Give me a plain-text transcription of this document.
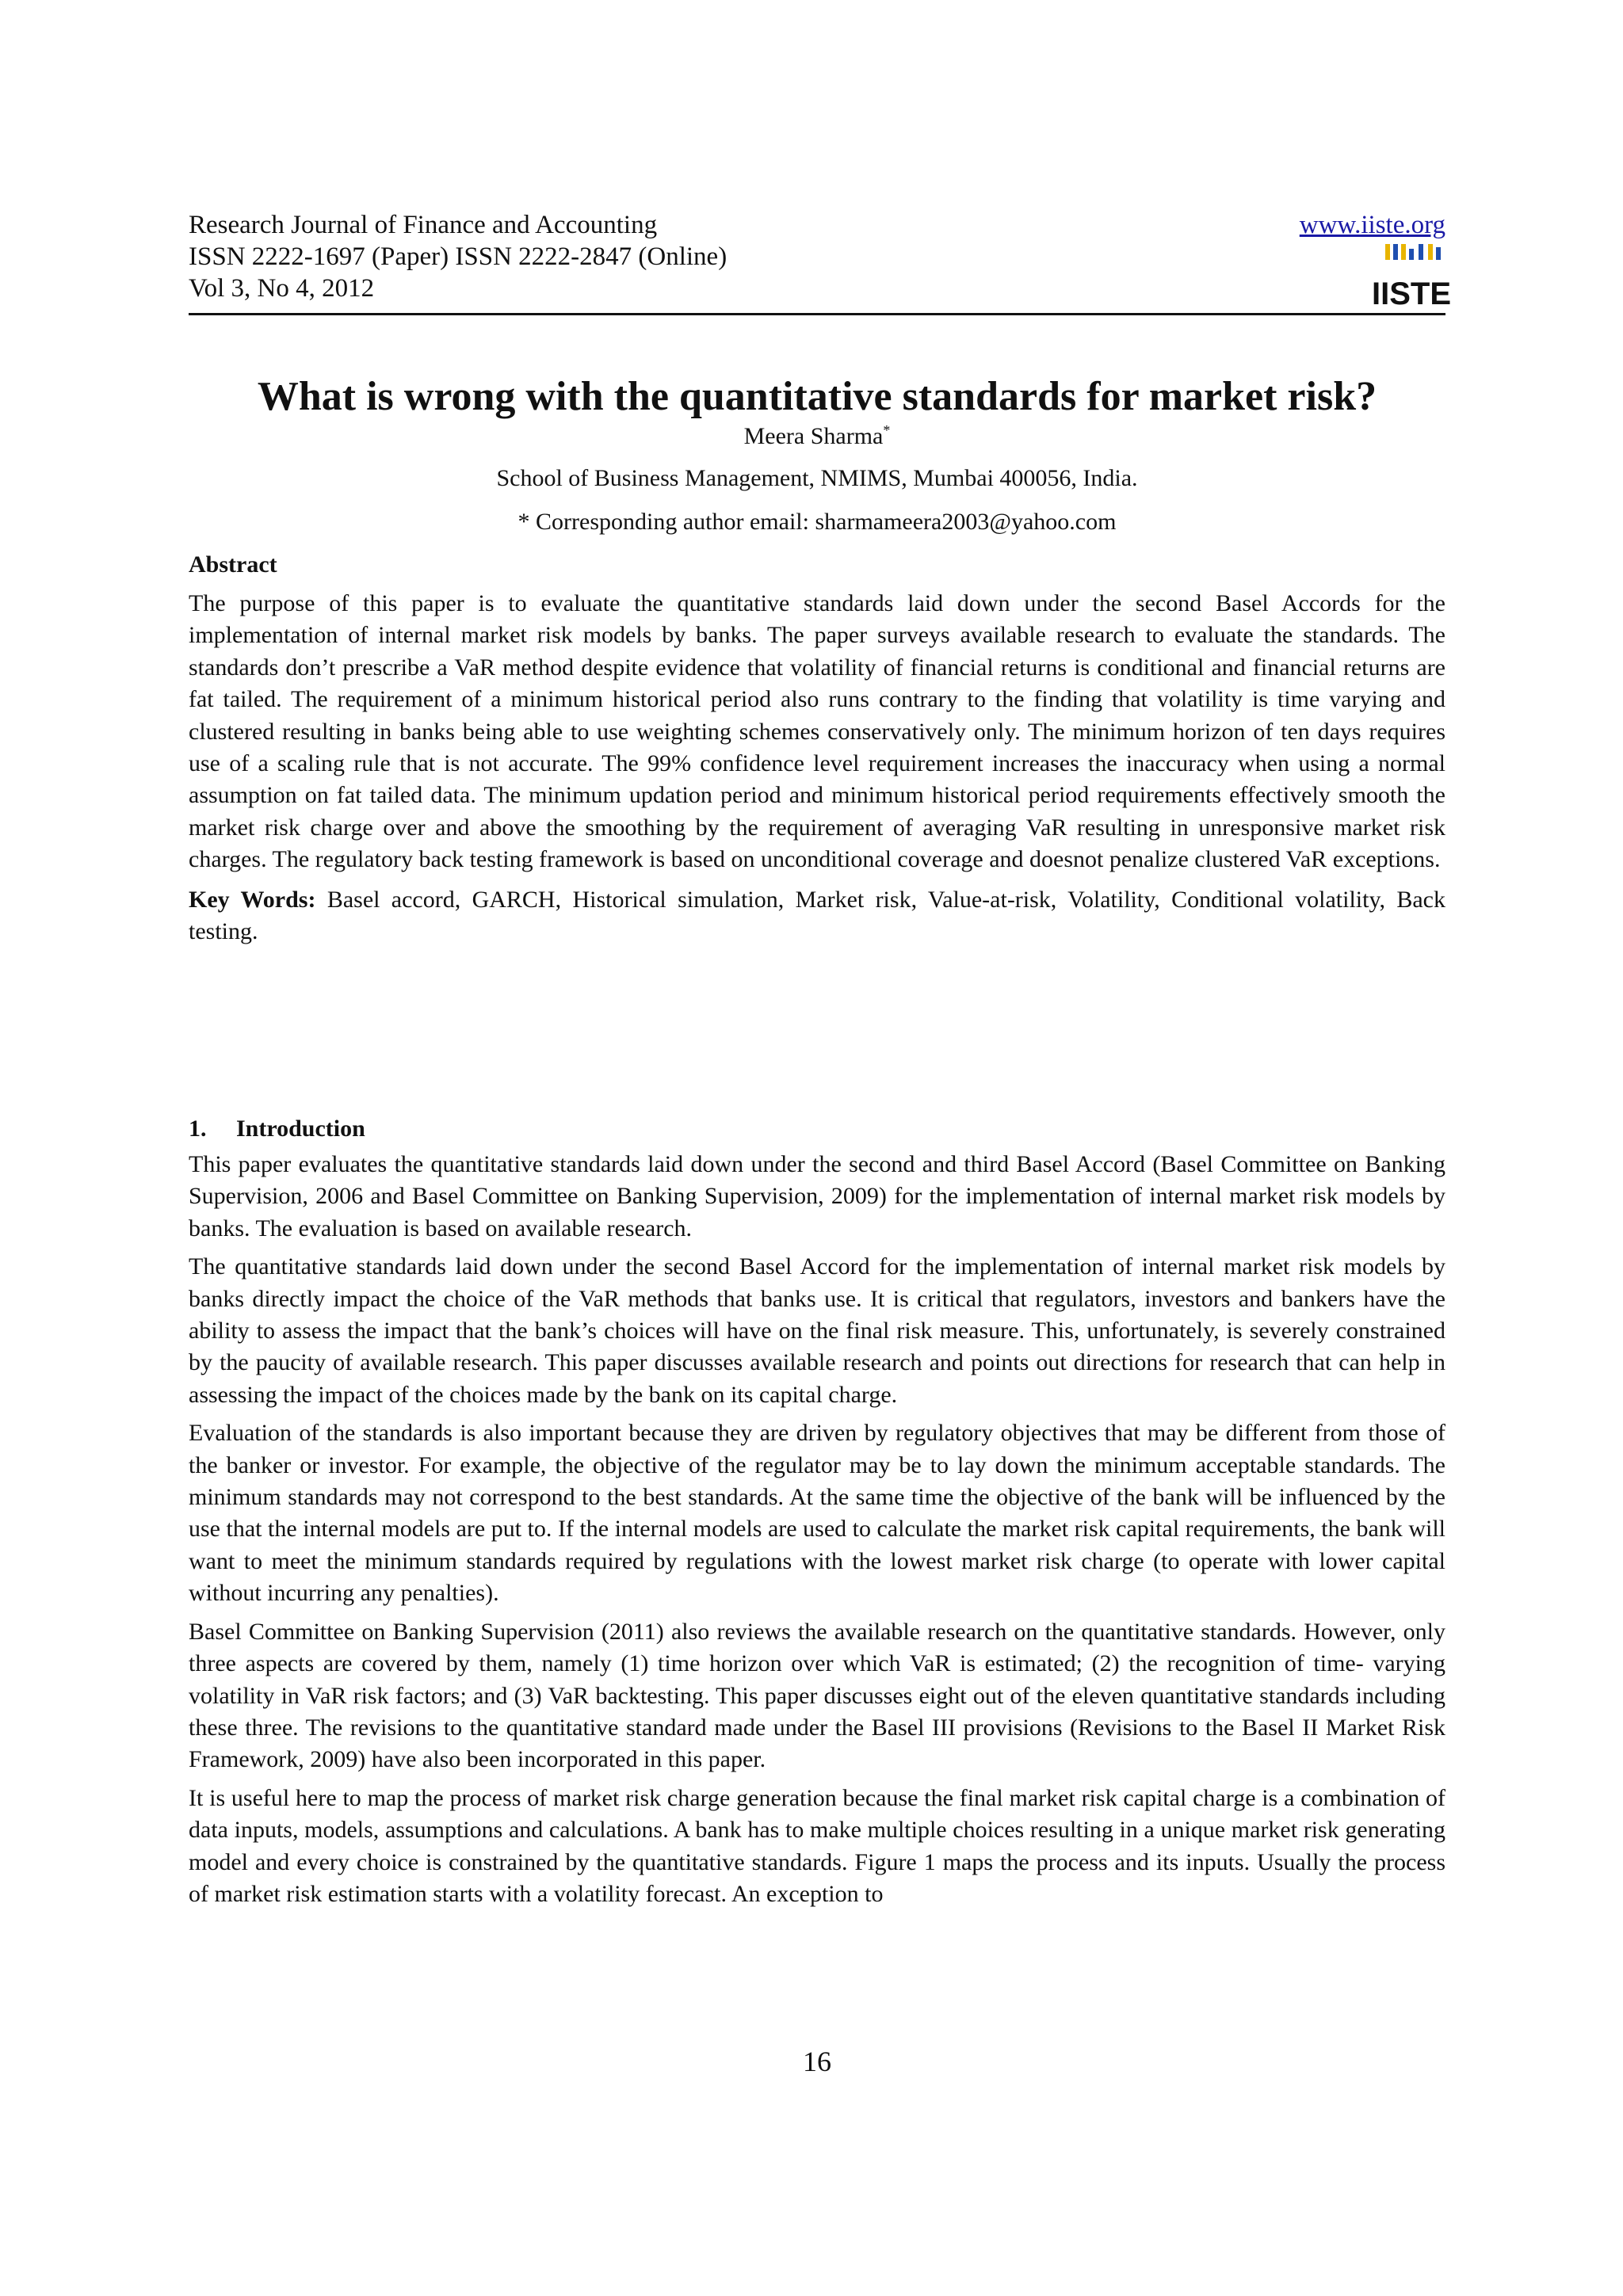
Research Journal of Finance and Accounting
ISSN 2222-1697 (Paper) ISSN 2222-2847 (Online)
Vol 3, No 4, 2012
www.iiste.org
IISTE
What is wrong with the quantitative standards for market risk?
Meera Sharma*
School of Business Management, NMIMS, Mumbai 400056, India.
* Corresponding author email: sharmameera2003@yahoo.com
Abstract

The purpose of this paper is to evaluate the quantitative standards laid down under the second Basel Accords for the implementation of internal market risk models by banks. The paper surveys available research to evaluate the standards. The standards don’t prescribe a VaR method despite evidence that volatility of financial returns is conditional and financial returns are fat tailed. The requirement of a minimum historical period also runs contrary to the finding that volatility is time varying and clustered resulting in banks being able to use weighting schemes conservatively only. The minimum horizon of ten days requires use of a scaling rule that is not accurate. The 99% confidence level requirement increases the inaccuracy when using a normal assumption on fat tailed data. The minimum updation period and minimum historical period requirements effectively smooth the market risk charge over and above the smoothing by the requirement of averaging VaR resulting in unresponsive market risk charges. The regulatory back testing framework is based on unconditional coverage and doesnot penalize clustered VaR exceptions.

Key Words: Basel accord, GARCH, Historical simulation, Market risk, Value-at-risk, Volatility, Conditional volatility, Back testing.

1. Introduction

This paper evaluates the quantitative standards laid down under the second and third Basel Accord (Basel Committee on Banking Supervision, 2006 and Basel Committee on Banking Supervision, 2009) for the implementation of internal market risk models by banks. The evaluation is based on available research.

The quantitative standards laid down under the second Basel Accord for the implementation of internal market risk models by banks directly impact the choice of the VaR methods that banks use. It is critical that regulators, investors and bankers have the ability to assess the impact that the bank’s choices will have on the final risk measure. This, unfortunately, is severely constrained by the paucity of available research. This paper discusses available research and points out directions for research that can help in assessing the impact of the choices made by the bank on its capital charge.

Evaluation of the standards is also important because they are driven by regulatory objectives that may be different from those of the banker or investor. For example, the objective of the regulator may be to lay down the minimum acceptable standards. The minimum standards may not correspond to the best standards. At the same time the objective of the bank will be influenced by the use that the internal models are put to. If the internal models are used to calculate the market risk capital requirements, the bank will want to meet the minimum standards required by regulations with the lowest market risk charge (to operate with lower capital without incurring any penalties).

Basel Committee on Banking Supervision (2011) also reviews the available research on the quantitative standards. However, only three aspects are covered by them, namely (1) time horizon over which VaR is estimated; (2) the recognition of time- varying volatility in VaR risk factors; and (3) VaR backtesting. This paper discusses eight out of the eleven quantitative standards including these three. The revisions to the quantitative standard made under the Basel III provisions (Revisions to the Basel II Market Risk Framework, 2009) have also been incorporated in this paper.

It is useful here to map the process of market risk charge generation because the final market risk capital charge is a combination of data inputs, models, assumptions and calculations. A bank has to make multiple choices resulting in a unique market risk generating model and every choice is constrained by the quantitative standards. Figure 1 maps the process and its inputs. Usually the process of market risk estimation starts with a volatility forecast. An exception to

16
